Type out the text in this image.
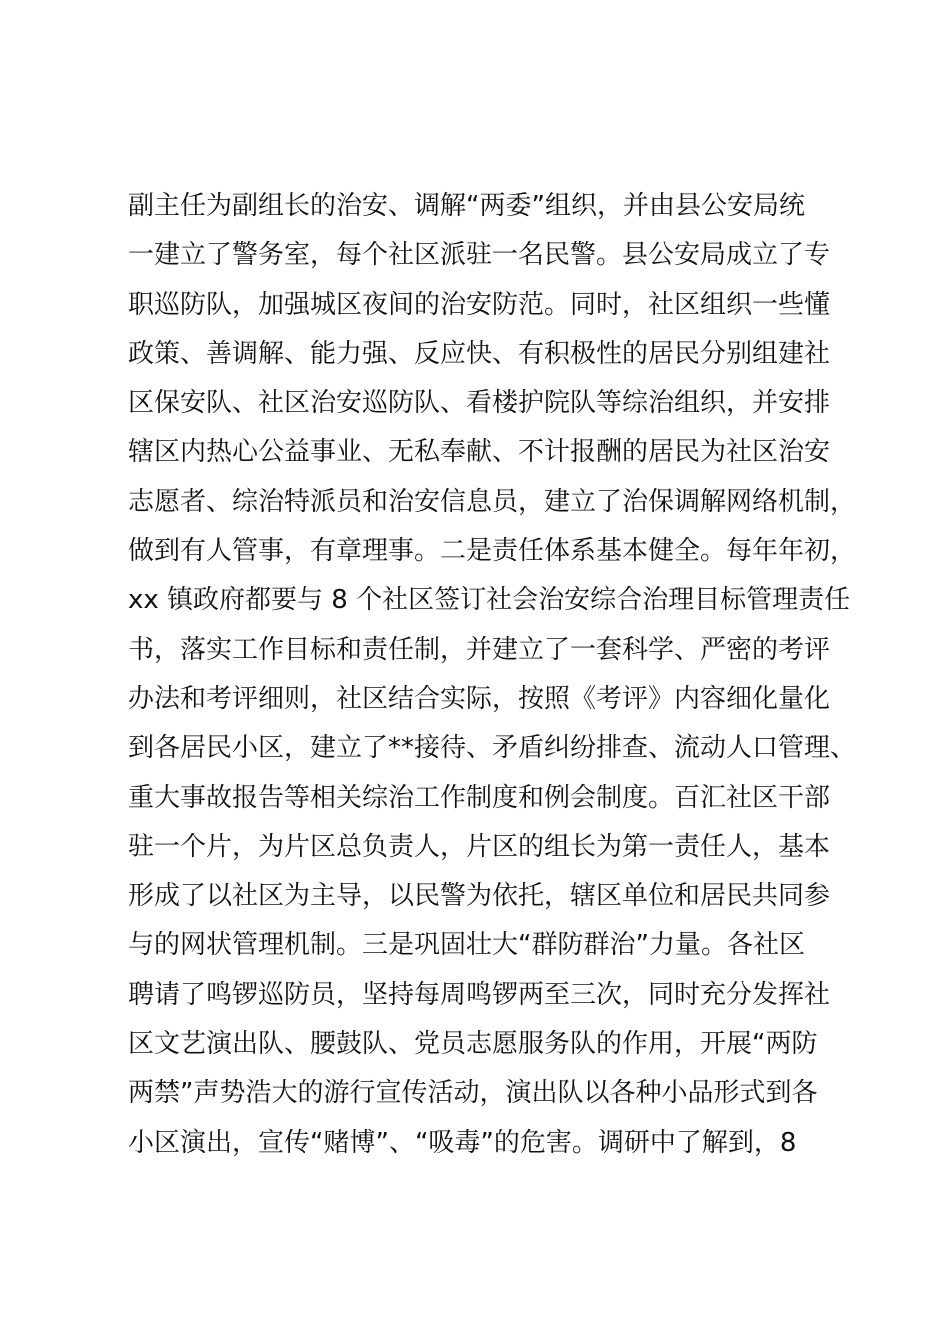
副主任为副组长的治安、调解“两委”组织，并由县公安局统
一建立了警务室，每个社区派驻一名民警。县公安局成立了专
职巡防队，加强城区夜间的治安防范。同时，社区组织一些懂
政策、善调解、能力强、反应快、有积极性的居民分别组建社
区保安队、社区治安巡防队、看楼护院队等综治组织，并安排
辖区内热心公益事业、无私奉献、不计报酬的居民为社区治安
志愿者、综治特派员和治安信息员，建立了治保调解网络机制，
做到有人管事，有章理事。二是责任体系基本健全。每年年初，
xx 镇政府都要与 8 个社区签订社会治安综合治理目标管理责任
书，落实工作目标和责任制，并建立了一套科学、严密的考评
办法和考评细则，社区结合实际，按照《考评》内容细化量化
到各居民小区，建立了**接待、矛盾纠纷排查、流动人口管理、
重大事故报告等相关综治工作制度和例会制度。百汇社区干部
驻一个片，为片区总负责人，片区的组长为第一责任人，基本
形成了以社区为主导，以民警为依托，辖区单位和居民共同参
与的网状管理机制。三是巩固壮大“群防群治”力量。各社区
聘请了鸣锣巡防员，坚持每周鸣锣两至三次，同时充分发挥社
区文艺演出队、腰鼓队、党员志愿服务队的作用，开展“两防
两禁”声势浩大的游行宣传活动，演出队以各种小品形式到各
小区演出，宣传“赌博”、“吸毒”的危害。调研中了解到，8
